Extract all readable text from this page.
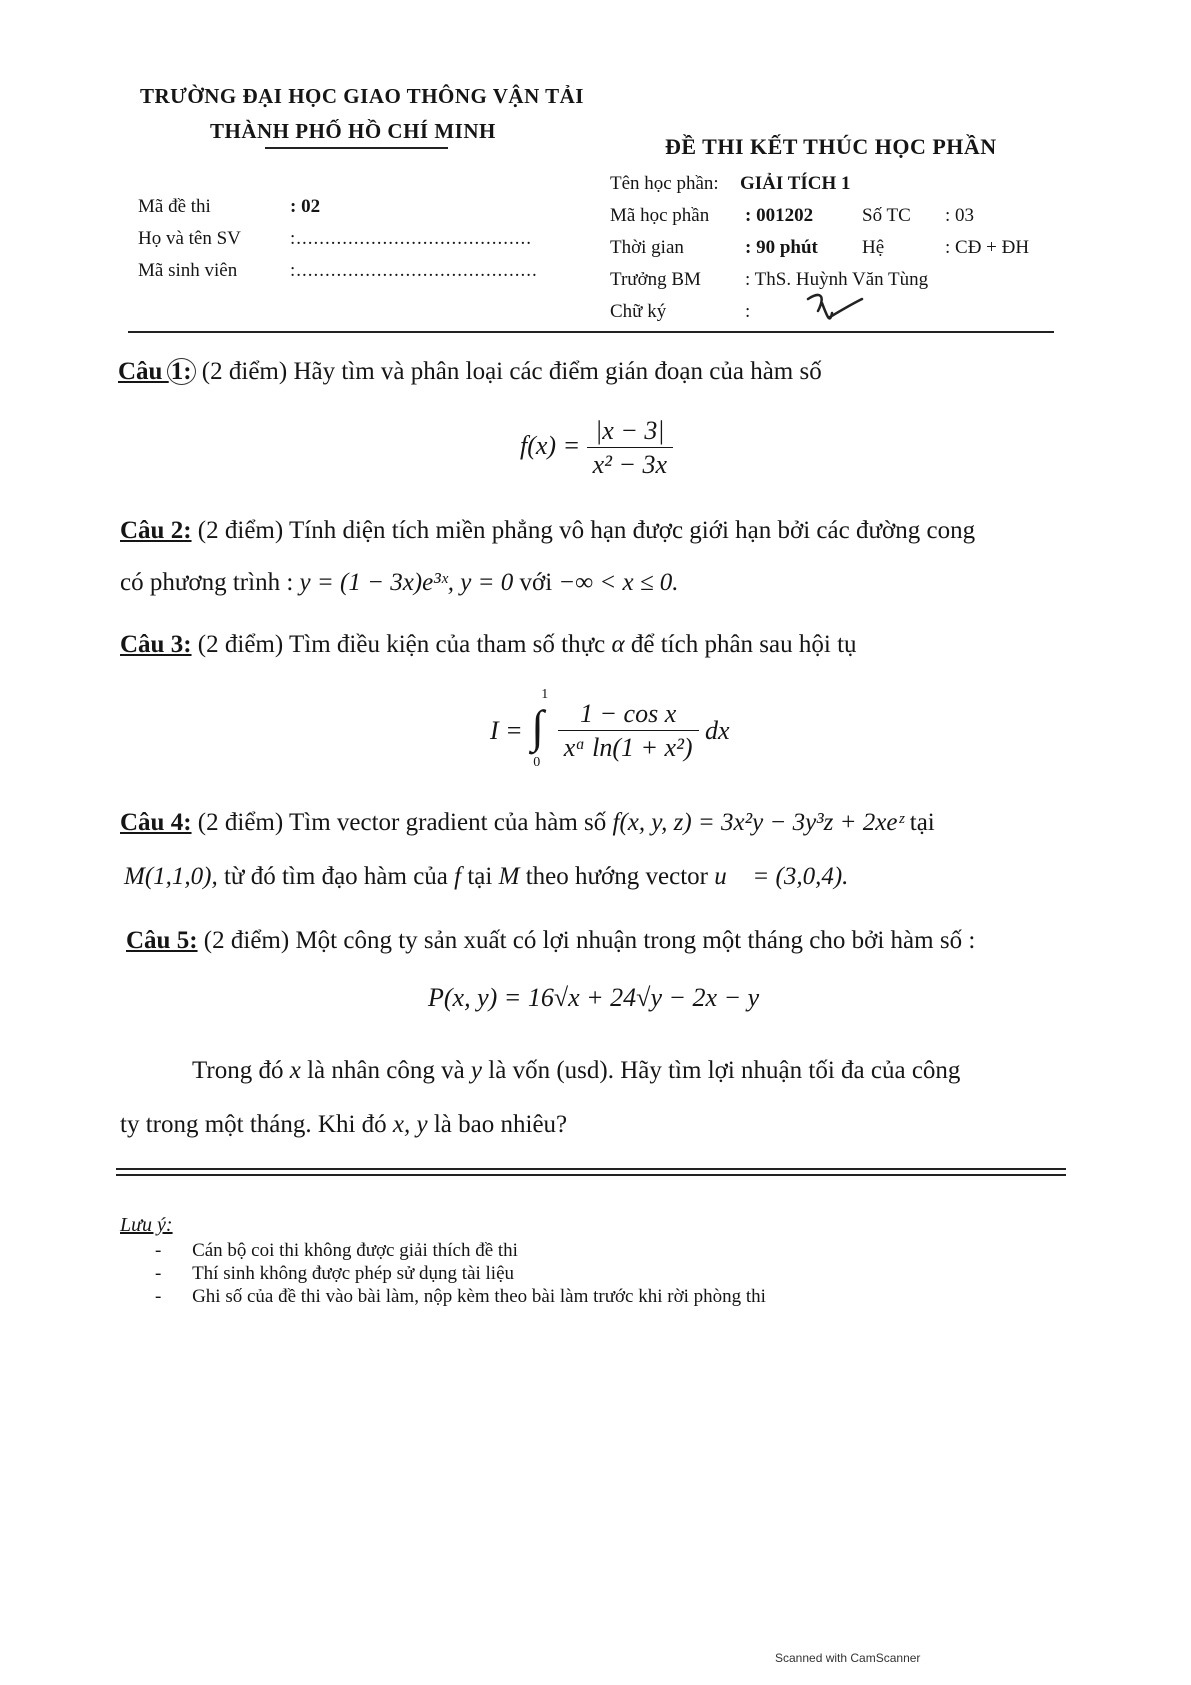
TRƯỜNG ĐẠI HỌC GIAO THÔNG VẬN TẢI
THÀNH PHỐ HỒ CHÍ MINH
ĐỀ THI KẾT THÚC HỌC PHẦN
Mã đề thi	: 02
Họ và tên SV	:.........................................
Mã sinh viên	:..........................................
Tên học phần: GIẢI TÍCH 1
Mã học phần : 001202	Số TC : 03
Thời gian	: 90 phút Hệ	: CĐ + ĐH
Trưởng BM : ThS. Huỳnh Văn Tùng
Chữ ký	:
Câu 1: (2 điểm) Hãy tìm và phân loại các điểm gián đoạn của hàm số
$f(x) = \frac{|x - 3|}{\text{x² − 3x}}$
Câu 2: (2 điểm) Tính diện tích miền phẳng vô hạn được giới hạn bởi các đường cong
có phương trình : y = (1 − 3x)e³ˣ, y = 0 với −∞ < x ≤ 0.
Câu 3: (2 điểm) Tìm điều kiện của tham số thực α để tích phân sau hội tụ
I = ∫
1
0

$\frac{\text{1 − cos x}}{\text{xᵅ ln(1 + x²)}}$ dx
Câu 4: (2 điểm) Tìm vector gradient của hàm số f(x, y, z) = 3x²y − 3y³z + 2xeᶻ tại
M(1,1,0), từ đó tìm đạo hàm của f tại M theo hướng vector u⃗ = (3,0,4).
Câu 5: (2 điểm) Một công ty sản xuất có lợi nhuận trong một tháng cho bởi hàm số :
P(x, y) = 16√x + 24√y − 2x − y
Trong đó x là nhân công và y là vốn (usd). Hãy tìm lợi nhuận tối đa của công
ty trong một tháng. Khi đó x, y là bao nhiêu?
Lưu ý:
- Cán bộ coi thi không được giải thích đề thi
- Thí sinh không được phép sử dụng tài liệu
- Ghi số của đề thi vào bài làm, nộp kèm theo bài làm trước khi rời phòng thi
Scanned with CamScanner
